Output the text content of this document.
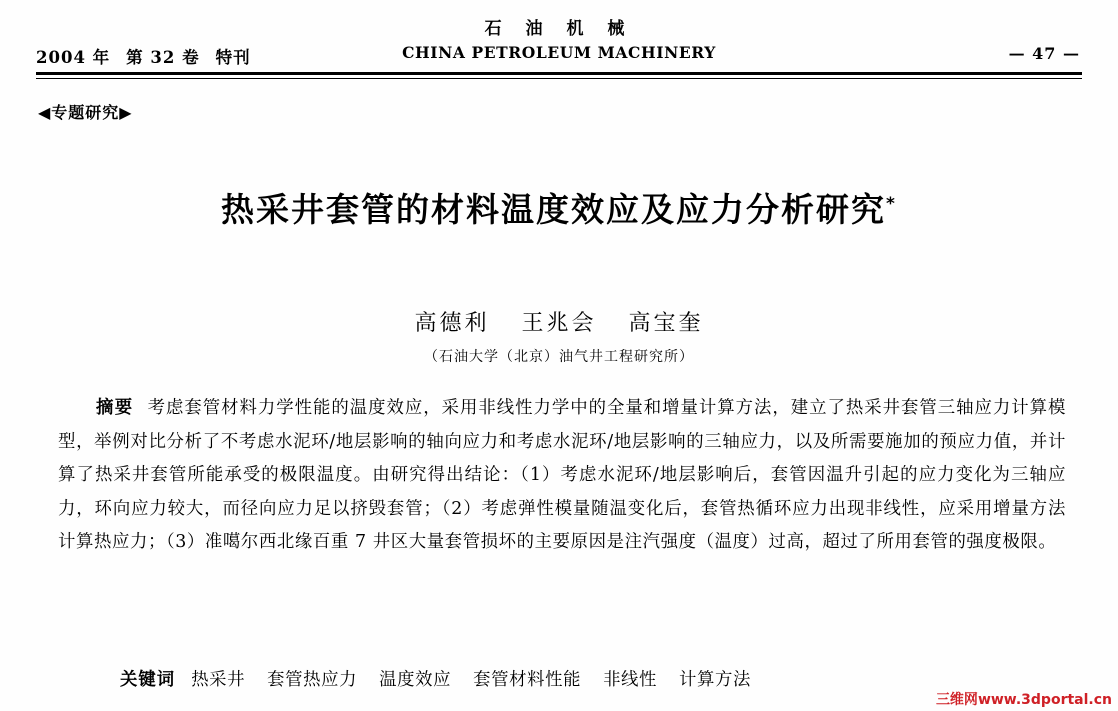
石 油 机 械
CHINA PETROLEUM MACHINERY
2004 年 第 32 卷 特刊	— 47 —
◀专题研究▶
热采井套管的材料温度效应及应力分析研究*
高德利 王兆会 高宝奎
（石油大学（北京）油气井工程研究所）
摘要 考虑套管材料力学性能的温度效应，采用非线性力学中的全量和增量计算方法，建立了热采井套管三轴应力计算模型，举例对比分析了不考虑水泥环/地层影响的轴向应力和考虑水泥环/地层影响的三轴应力，以及所需要施加的预应力值，并计算了热采井套管所能承受的极限温度。由研究得出结论：（1）考虑水泥环/地层影响后，套管因温升引起的应力变化为三轴应力，环向应力较大，而径向应力足以挤毁套管；（2）考虑弹性模量随温变化后，套管热循环应力出现非线性，应采用增量方法计算热应力；（3）准噶尔西北缘百重 7 井区大量套管损坏的主要原因是注汽强度（温度）过高，超过了所用套管的强度极限。
关键词 热采井 套管热应力 温度效应 套管材料性能 非线性 计算方法
三维网www.3dportal.cn
